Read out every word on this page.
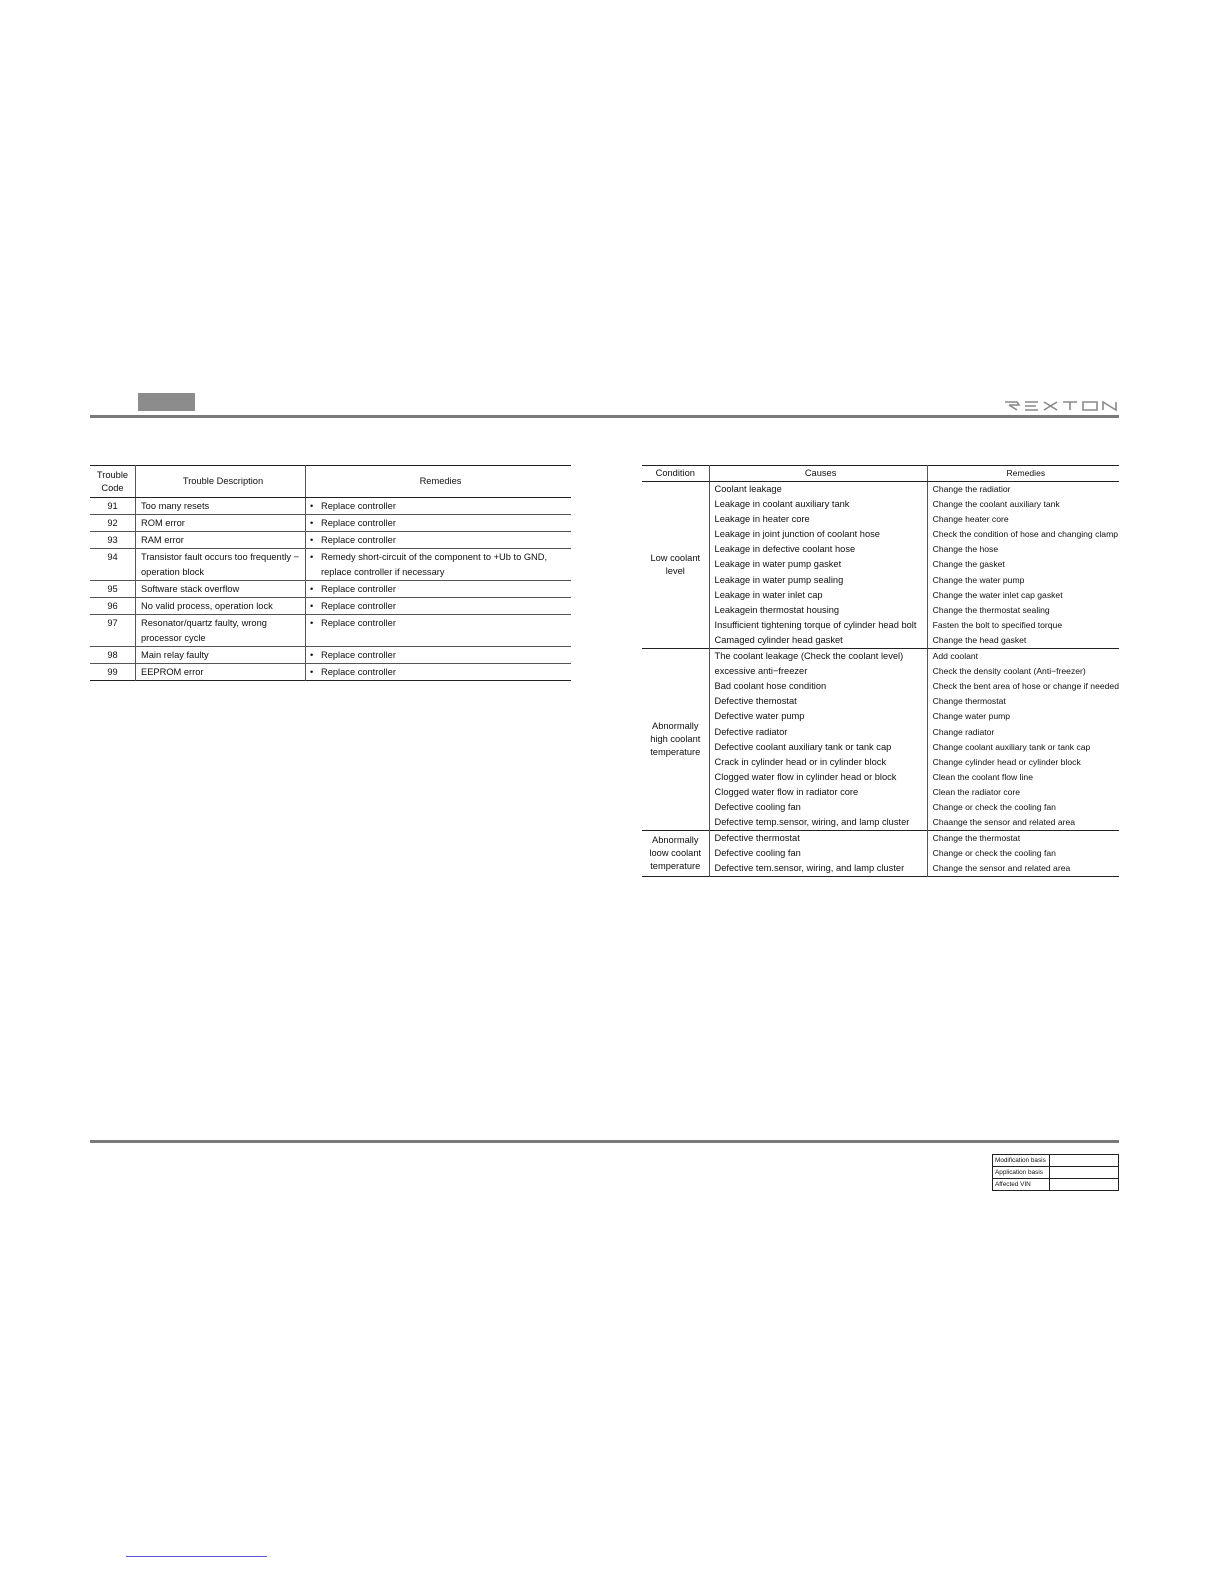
Trouble Code	Trouble Description	Remedies
91	Too many resets	• Replace controller

92	ROM error	• Replace controller

93	RAM error	• Replace controller

94	Transistor fault occurs too frequently − operation block	• Remedy short-circuit of the component to +Ub to GND, replace controller if necessary

95	Software stack overflow	• Replace controller

96	No valid process, operation lock	• Replace controller

97	Resonator/quartz faulty, wrong processor cycle	• Replace controller

98	Main relay faulty	• Replace controller

99	EEPROM error	• Replace controller
Condition	Causes	Remedies

Low coolant level	Coolant leakage	Change the radiatior
	Leakage in coolant auxiliary tank	Change the coolant auxiliary tank
	Leakage in heater core	Change heater core
	Leakage in joint junction of coolant hose	Check the condition of hose and changing clamp
	Leakage in defective coolant hose	Change the hose
	Leakage in water pump gasket	Change the gasket
	Leakage in water pump sealing	Change the water pump
	Leakage in water inlet cap	Change the water inlet cap gasket
	Leakagein thermostat housing	Change the thermostat sealing
	Insufficient tightening torque of cylinder head bolt	Fasten the bolt to specified torque
	Camaged cylinder head gasket	Change the head gasket

Abnormally high coolant temperature	The coolant leakage (Check the coolant level)	Add coolant
	excessive anti−freezer	Check the density coolant (Anti−freezer)
	Bad coolant hose condition	Check the bent area of hose or change if needed
	Defective themostat	Change thermostat
	Defective water pump	Change water pump
	Defective radiator	Change radiator
	Defective coolant auxiliary tank or tank cap	Change coolant auxiliary tank or tank cap
	Crack in cylinder head or in cylinder block	Change cylinder head or cylinder block
	Clogged water flow in cylinder head or block	Clean the coolant flow line
	Clogged water flow in radiator core	Clean the radiator core
	Defective cooling fan	Change or check the cooling fan
	Defective temp.sensor, wiring, and lamp cluster	Chaange the sensor and related area

Abnormally loow coolant temperature	Defective thermostat	Change the thermostat
	Defective cooling fan	Change or check the cooling fan
	Defective tem.sensor, wiring, and lamp cluster	Change the sensor and related area
Modification basis	
Application basis	
Affected VIN	
